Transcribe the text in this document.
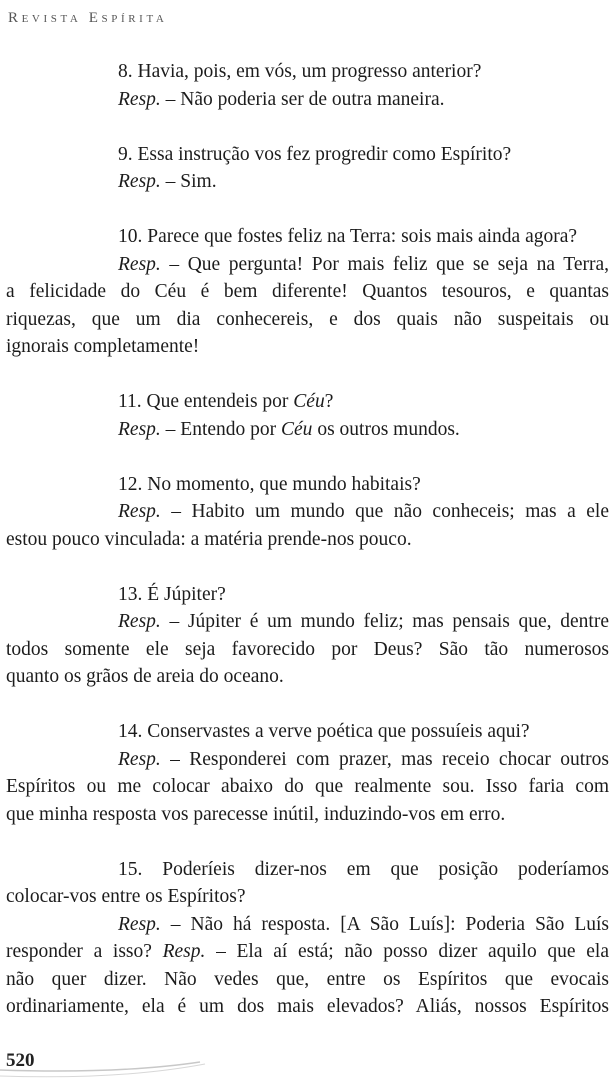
Revista Espírita
8. Havia, pois, em vós, um progresso anterior?
Resp. – Não poderia ser de outra maneira.
9. Essa instrução vos fez progredir como Espírito?
Resp. – Sim.
10. Parece que fostes feliz na Terra: sois mais ainda agora?
Resp. – Que pergunta! Por mais feliz que se seja na Terra,
a felicidade do Céu é bem diferente! Quantos tesouros, e quantas
riquezas, que um dia conhecereis, e dos quais não suspeitais ou
ignorais completamente!
11. Que entendeis por Céu?
Resp. – Entendo por Céu os outros mundos.
12. No momento, que mundo habitais?
Resp. – Habito um mundo que não conheceis; mas a ele
estou pouco vinculada: a matéria prende-nos pouco.
13. É Júpiter?
Resp. – Júpiter é um mundo feliz; mas pensais que, dentre
todos somente ele seja favorecido por Deus? São tão numerosos
quanto os grãos de areia do oceano.
14. Conservastes a verve poética que possuíeis aqui?
Resp. – Responderei com prazer, mas receio chocar outros
Espíritos ou me colocar abaixo do que realmente sou. Isso faria com
que minha resposta vos parecesse inútil, induzindo-vos em erro.
15. Poderíeis dizer-nos em que posição poderíamos
colocar-vos entre os Espíritos?
Resp. – Não há resposta. [A São Luís]: Poderia São Luís
responder a isso? Resp. – Ela aí está; não posso dizer aquilo que ela
não quer dizer. Não vedes que, entre os Espíritos que evocais
ordinariamente, ela é um dos mais elevados? Aliás, nossos Espíritos
520
